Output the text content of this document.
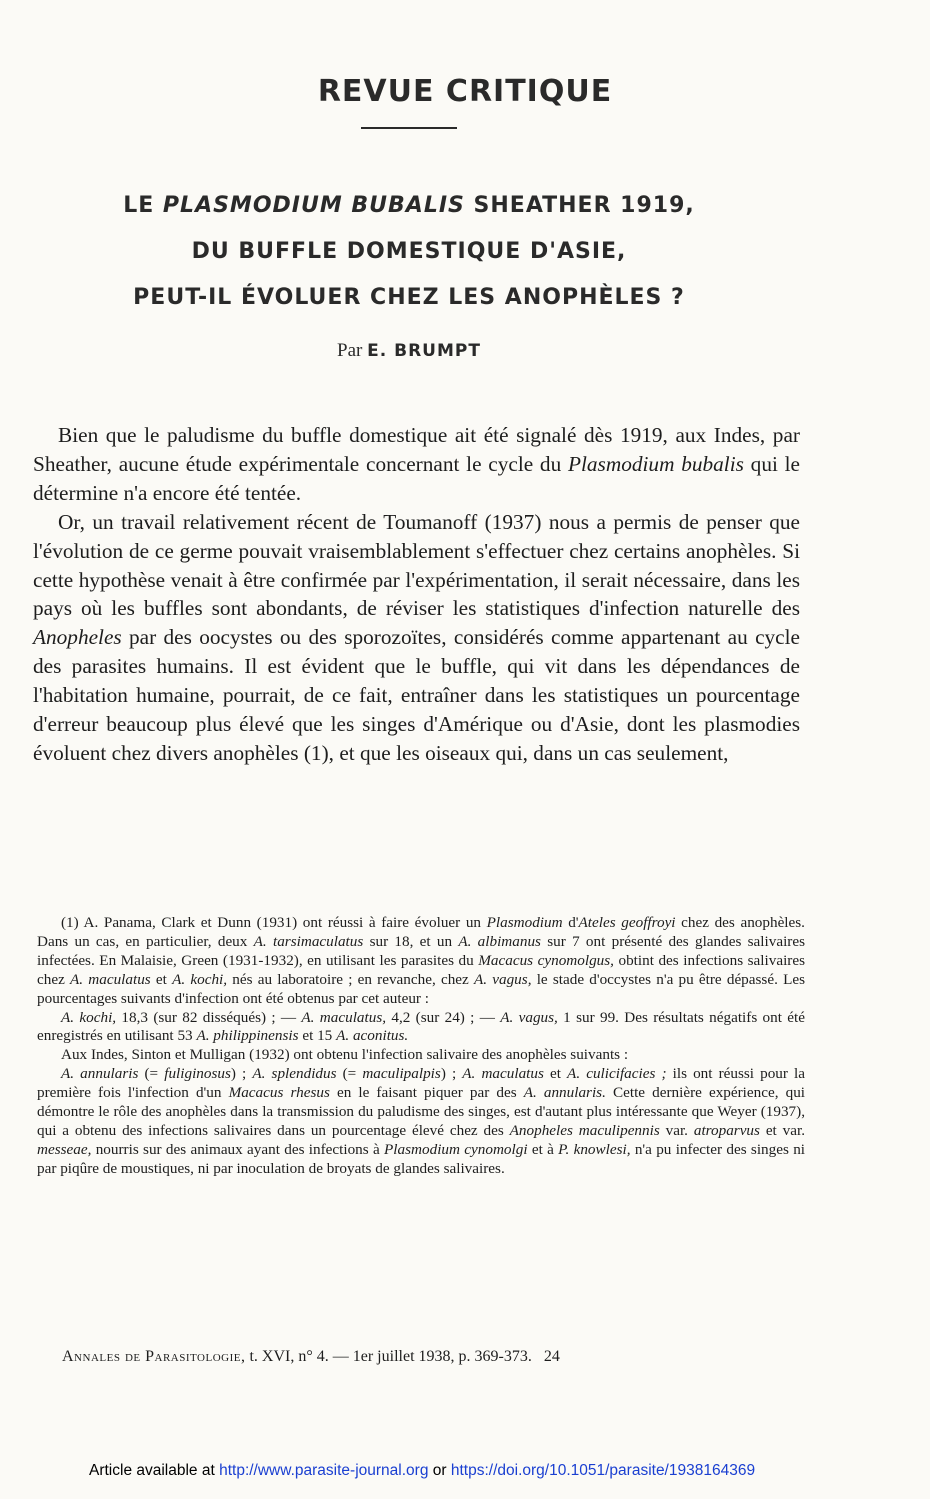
REVUE CRITIQUE
LE PLASMODIUM BUBALIS SHEATHER 1919,
DU BUFFLE DOMESTIQUE D'ASIE,
PEUT-IL ÉVOLUER CHEZ LES ANOPHÈLES ?
Par E. BRUMPT

Bien que le paludisme du buffle domestique ait été signalé dès 1919, aux Indes, par Sheather, aucune étude expérimentale concernant le cycle du Plasmodium bubalis qui le détermine n'a encore été tentée.

Or, un travail relativement récent de Toumanoff (1937) nous a permis de penser que l'évolution de ce germe pouvait vraisemblablement s'effectuer chez certains anophèles. Si cette hypothèse venait à être confirmée par l'expérimentation, il serait nécessaire, dans les pays où les buffles sont abondants, de réviser les statistiques d'infection naturelle des Anopheles par des oocystes ou des sporozoïtes, considérés comme appartenant au cycle des parasites humains. Il est évident que le buffle, qui vit dans les dépendances de l'habitation humaine, pourrait, de ce fait, entraîner dans les statistiques un pourcentage d'erreur beaucoup plus élevé que les singes d'Amérique ou d'Asie, dont les plasmodies évoluent chez divers anophèles (1), et que les oiseaux qui, dans un cas seulement,

(1) A. Panama, Clark et Dunn (1931) ont réussi à faire évoluer un Plasmodium d'Ateles geoffroyi chez des anophèles. Dans un cas, en particulier, deux A. tarsimaculatus sur 18, et un A. albimanus sur 7 ont présenté des glandes salivaires infectées. En Malaisie, Green (1931-1932), en utilisant les parasites du Macacus cynomolgus, obtint des infections salivaires chez A. maculatus et A. kochi, nés au laboratoire ; en revanche, chez A. vagus, le stade d'occystes n'a pu être dépassé. Les pourcentages suivants d'infection ont été obtenus par cet auteur :

A. kochi, 18,3 (sur 82 disséqués) ; — A. maculatus, 4,2 (sur 24) ; — A. vagus, 1 sur 99. Des résultats négatifs ont été enregistrés en utilisant 53 A. philippinensis et 15 A. aconitus.

Aux Indes, Sinton et Mulligan (1932) ont obtenu l'infection salivaire des anophèles suivants :

A. annularis (= fuliginosus) ; A. splendidus (= maculipalpis) ; A. maculatus et A. culicifacies ; ils ont réussi pour la première fois l'infection d'un Macacus rhesus en le faisant piquer par des A. annularis. Cette dernière expérience, qui démontre le rôle des anophèles dans la transmission du paludisme des singes, est d'autant plus intéressante que Weyer (1937), qui a obtenu des infections salivaires dans un pourcentage élevé chez des Anopheles maculipennis var. atroparvus et var. messeae, nourris sur des animaux ayant des infections à Plasmodium cynomolgi et à P. knowlesi, n'a pu infecter des singes ni par piqûre de moustiques, ni par inoculation de broyats de glandes salivaires.

Annales de Parasitologie, t. XVI, n° 4. — 1er juillet 1938, p. 369-373. 24
Article available at http://www.parasite-journal.org or https://doi.org/10.1051/parasite/1938164369
